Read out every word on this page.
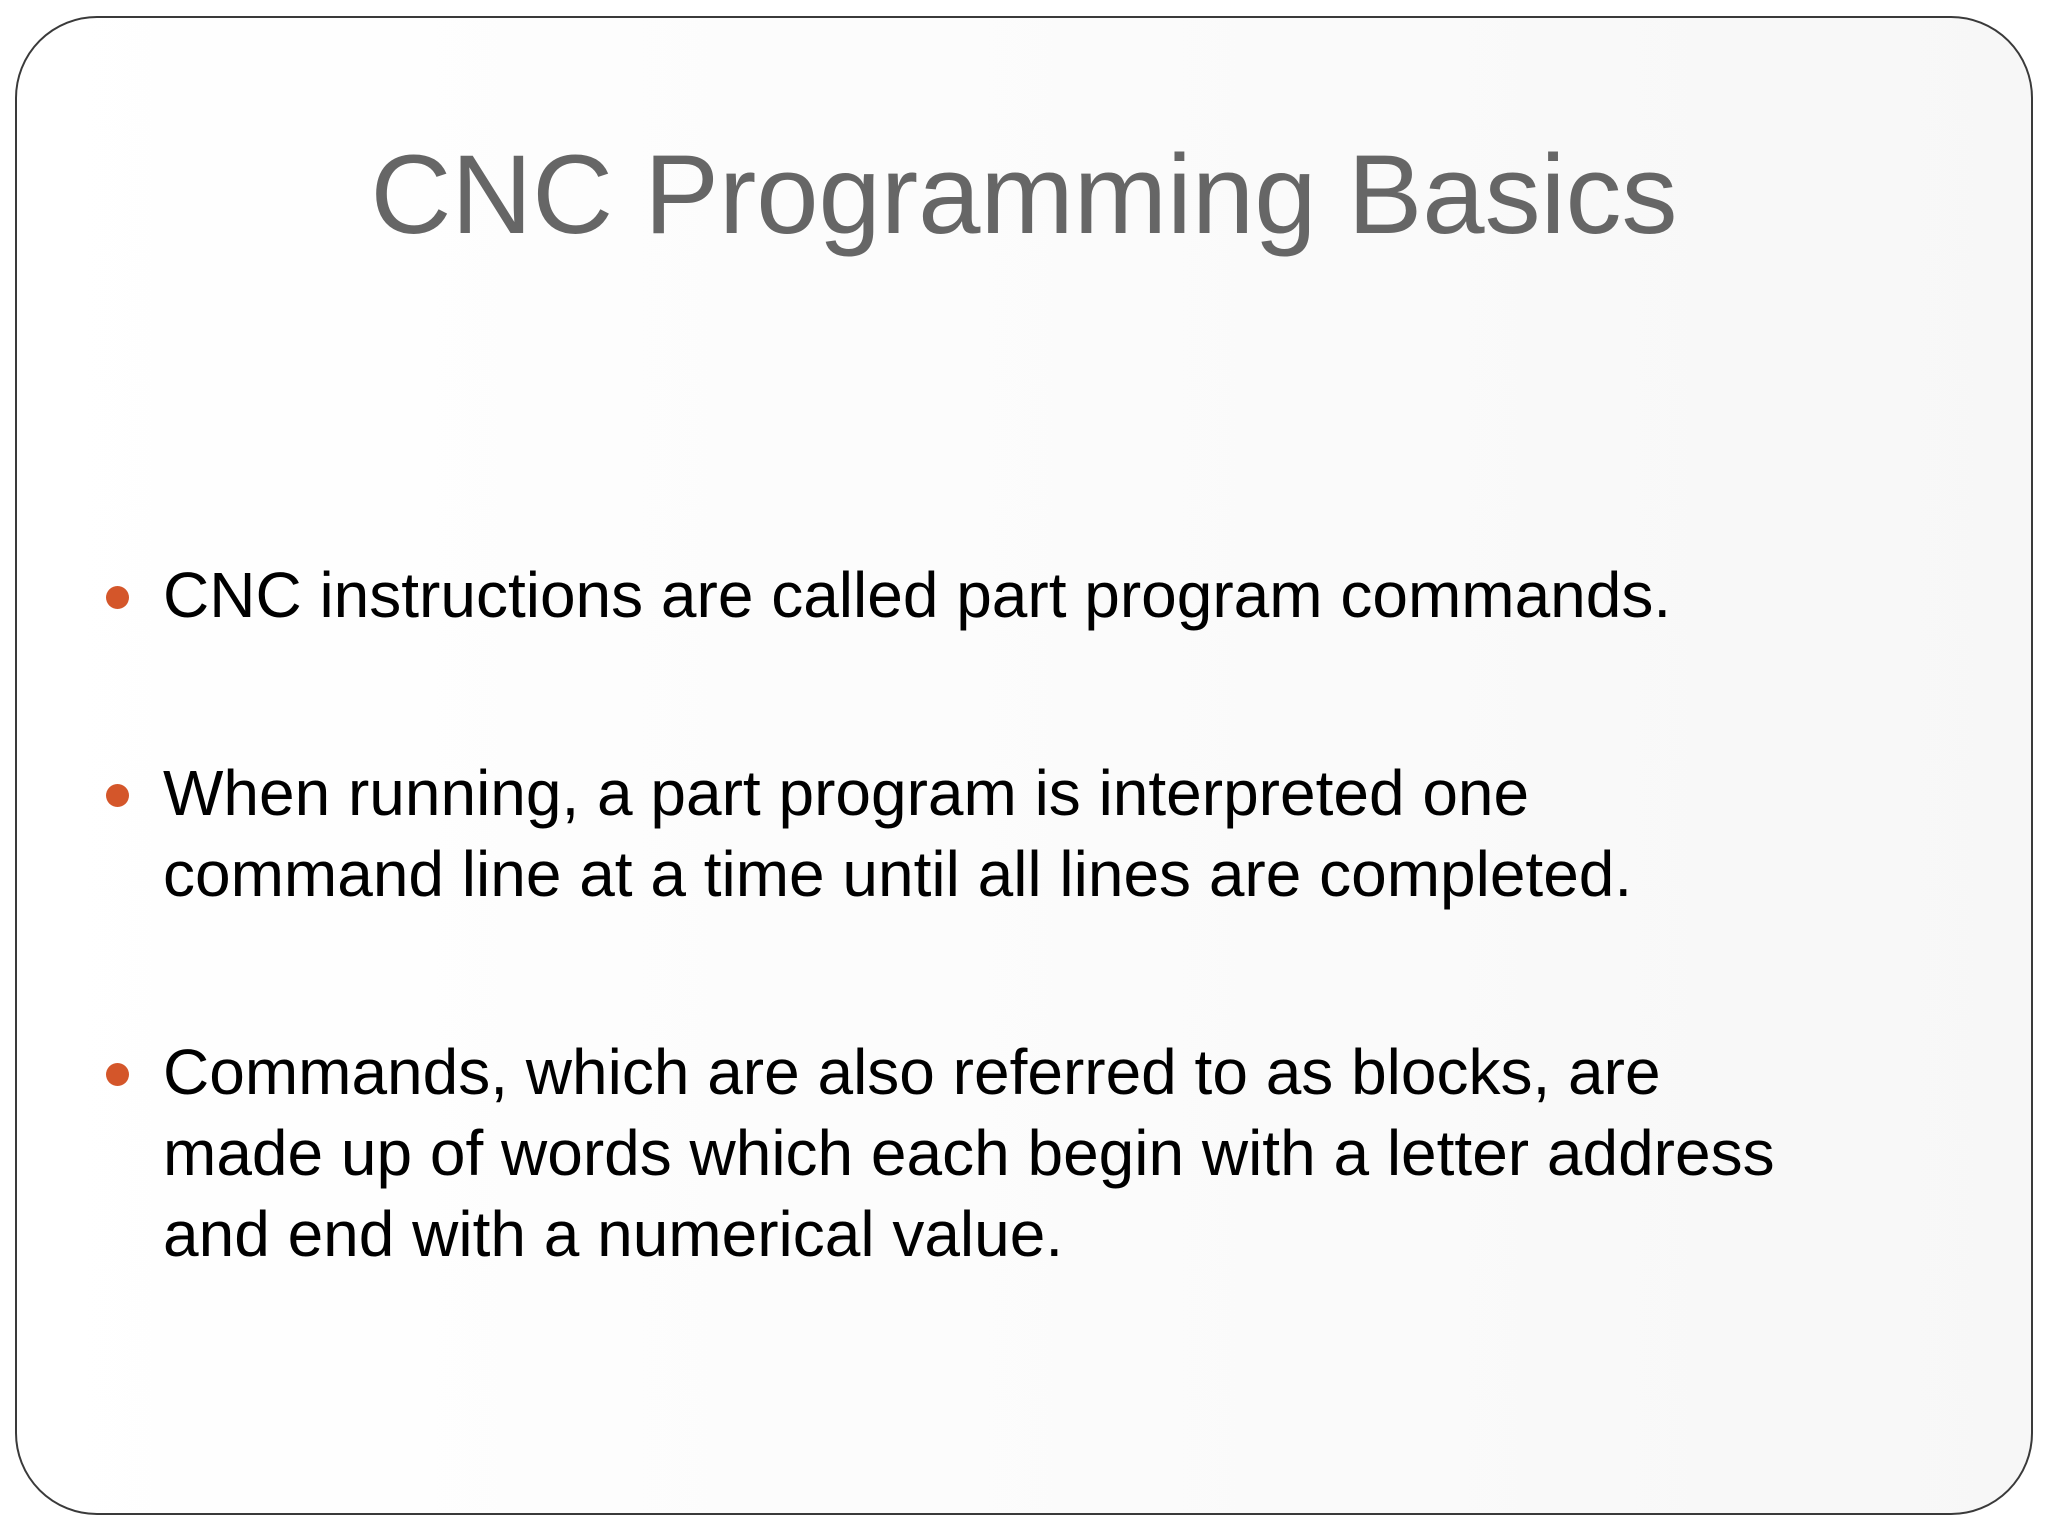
CNC Programming Basics
CNC instructions are called part program commands.
When running, a part program is interpreted one
command line at a time until all lines are completed.
Commands, which are also referred to as blocks, are
made up of words which each begin with a letter address
and end with a numerical value.
